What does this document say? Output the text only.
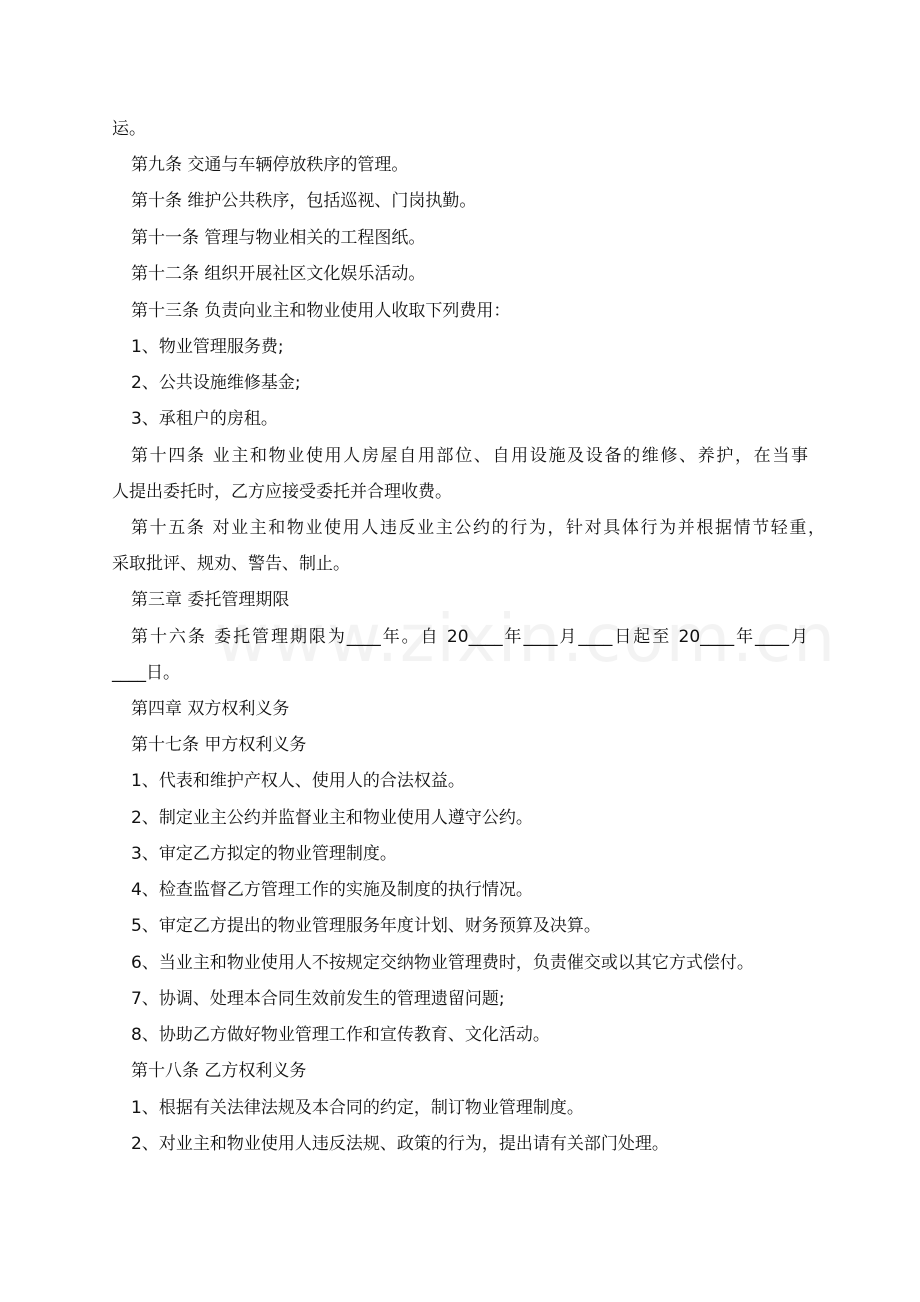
运。
第九条 交通与车辆停放秩序的管理。
第十条 维护公共秩序，包括巡视、门岗执勤。
第十一条 管理与物业相关的工程图纸。
第十二条 组织开展社区文化娱乐活动。
第十三条 负责向业主和物业使用人收取下列费用：
1、物业管理服务费;
2、公共设施维修基金;
3、承租户的房租。
第十四条 业主和物业使用人房屋自用部位、自用设施及设备的维修、养护，在当事
人提出委托时，乙方应接受委托并合理收费。
第十五条 对业主和物业使用人违反业主公约的行为，针对具体行为并根据情节轻重，
采取批评、规劝、警告、制止。
第三章 委托管理期限
第十六条 委托管理期限为____年。自 20____年____月____日起至 20____年____月
____日。
第四章 双方权利义务
第十七条 甲方权利义务
1、代表和维护产权人、使用人的合法权益。
2、制定业主公约并监督业主和物业使用人遵守公约。
3、审定乙方拟定的物业管理制度。
4、检查监督乙方管理工作的实施及制度的执行情况。
5、审定乙方提出的物业管理服务年度计划、财务预算及决算。
6、当业主和物业使用人不按规定交纳物业管理费时，负责催交或以其它方式偿付。
7、协调、处理本合同生效前发生的管理遗留问题;
8、协助乙方做好物业管理工作和宣传教育、文化活动。
第十八条 乙方权利义务
1、根据有关法律法规及本合同的约定，制订物业管理制度。
2、对业主和物业使用人违反法规、政策的行为，提出请有关部门处理。
